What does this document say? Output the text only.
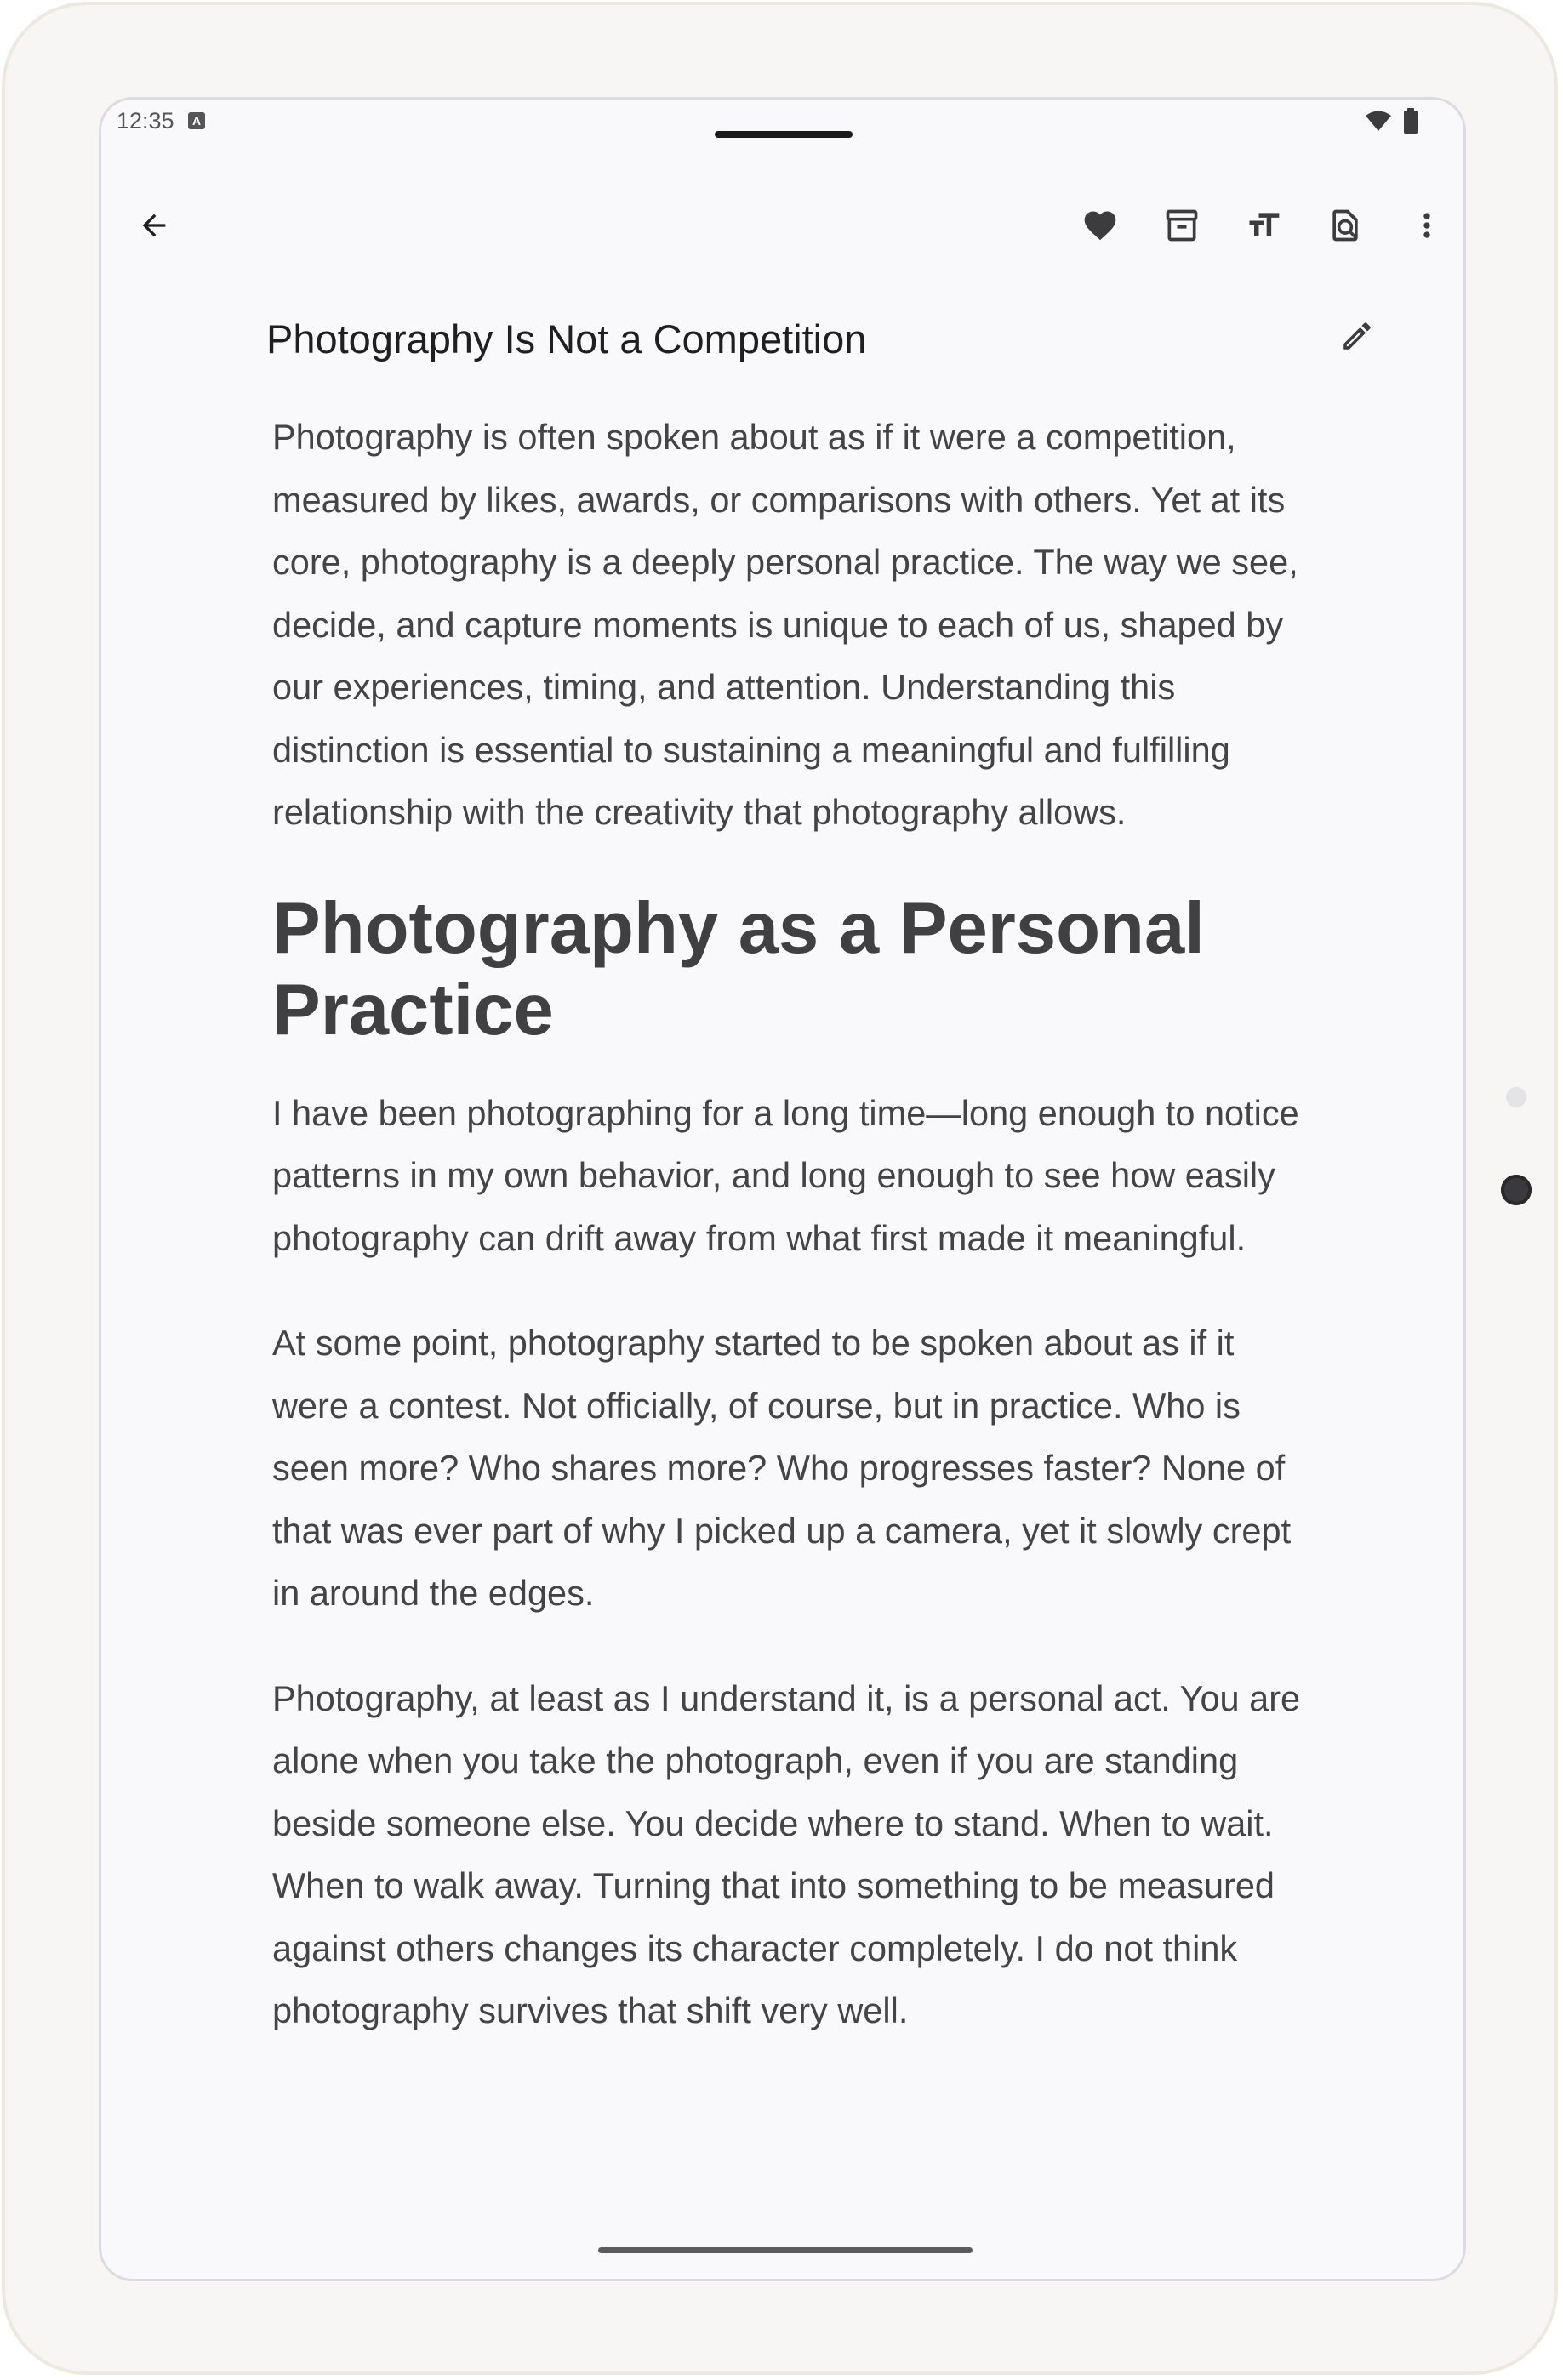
12:35	A
Photography Is Not a Competition

Photography is often spoken about as if it were a competition, measured by likes, awards, or comparisons with others. Yet at its core, photography is a deeply personal practice. The way we see, decide, and capture moments is unique to each of us, shaped by our experiences, timing, and attention. Understanding this distinction is essential to sustaining a meaningful and fulfilling relationship with the creativity that photography allows.

Photography as a Personal Practice

I have been photographing for a long time—long enough to notice patterns in my own behavior, and long enough to see how easily photography can drift away from what first made it meaningful.

At some point, photography started to be spoken about as if it were a contest. Not officially, of course, but in practice. Who is seen more? Who shares more? Who progresses faster? None of that was ever part of why I picked up a camera, yet it slowly crept in around the edges.

Photography, at least as I understand it, is a personal act. You are alone when you take the photograph, even if you are standing beside someone else. You decide where to stand. When to wait. When to walk away. Turning that into something to be measured against others changes its character completely. I do not think photography survives that shift very well.
